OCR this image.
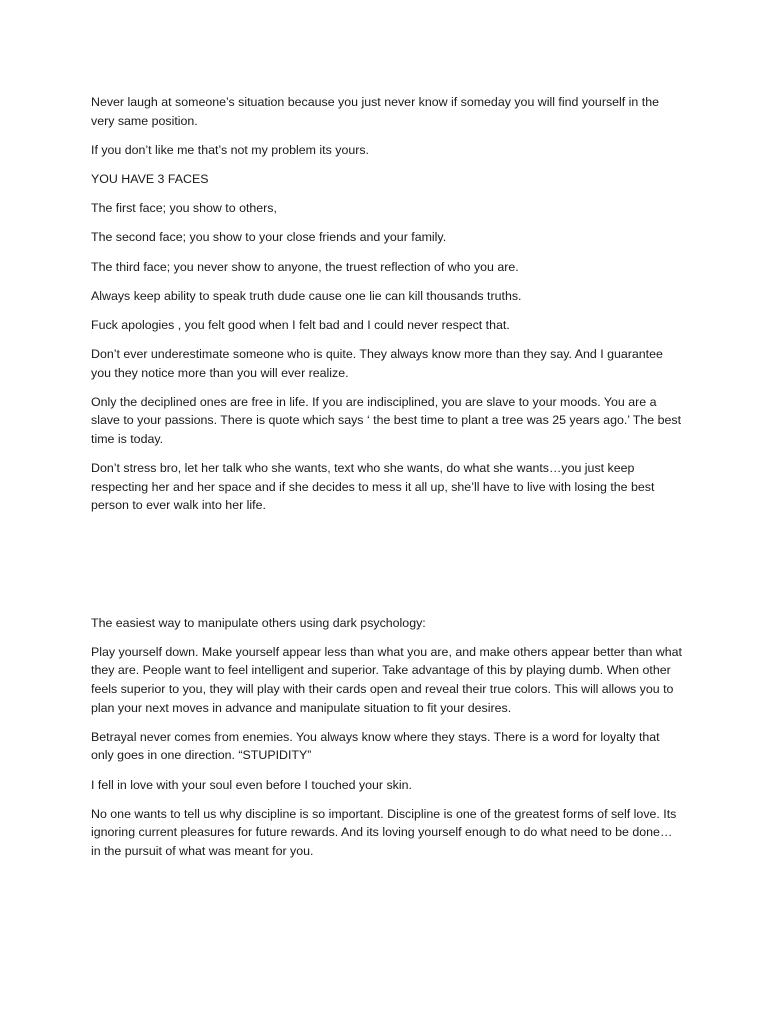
Never laugh at someone’s situation because you just never know if someday you will find yourself in the very same position.

If you don’t like me that’s not my problem its yours.

YOU HAVE 3 FACES

The first face; you show to others,

The second face; you show to your close friends and your family.

The third face; you never show to anyone, the truest reflection of who you are.

Always keep ability to speak truth dude cause one lie can kill thousands truths.

Fuck apologies , you felt good when I felt bad and I could never respect that.

Don’t ever underestimate someone who is quite. They always know more than they say. And I guarantee you they notice more than you will ever realize.

Only the deciplined ones are free in life. If you are indisciplined, you are slave to your moods. You are a slave to your passions. There is quote which says ‘ the best time to plant a tree was 25 years ago.’ The best time is today.

Don’t stress bro, let her talk who she wants, text who she wants, do what she wants…you just keep respecting her and her space and if she decides to mess it all up, she’ll have to live with losing the best person to ever walk into her life.

The easiest way to manipulate others using dark psychology:

Play yourself down. Make yourself appear less than what you are, and make others appear better than what they are. People want to feel intelligent and superior. Take advantage of this by playing dumb. When other feels superior to you, they will play with their cards open and reveal their true colors. This will allows you to plan your next moves in advance and manipulate situation to fit your desires.

Betrayal never comes from enemies. You always know where they stays. There is a word for loyalty that only goes in one direction. “STUPIDITY”

I fell in love with your soul even before I touched your skin.

No one wants to tell us why discipline is so important. Discipline is one of the greatest forms of self love. Its ignoring current pleasures for future rewards. And its loving yourself enough to do what need to be done… in the pursuit of what was meant for you.
